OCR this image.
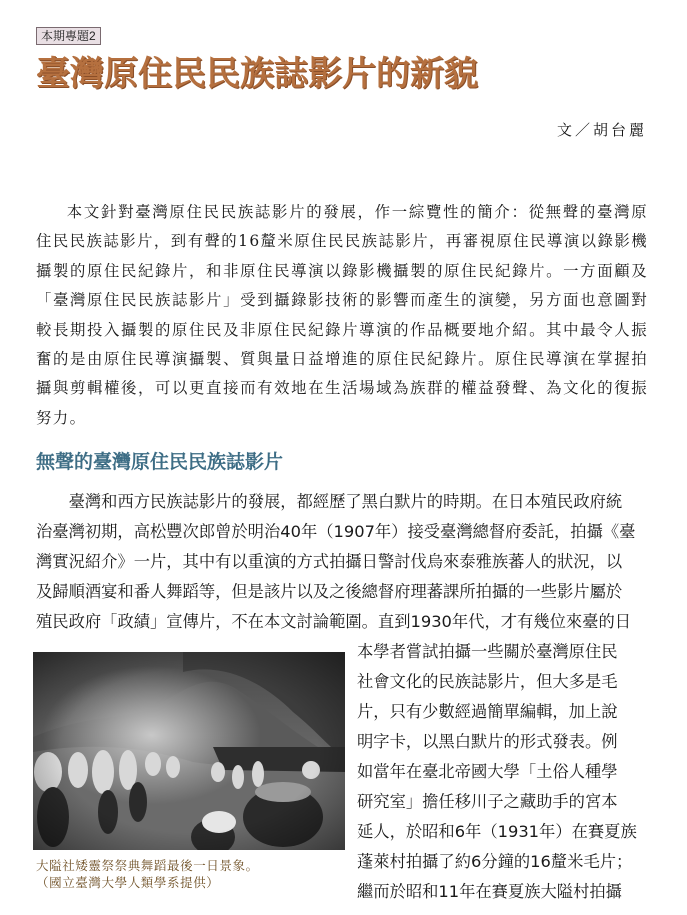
本期專題2
臺灣原住民民族誌影片的新貌
文／胡台麗

本文針對臺灣原住民民族誌影片的發展，作一綜覽性的簡介：從無聲的臺灣原住民民族誌影片，到有聲的16釐米原住民民族誌影片，再審視原住民導演以錄影機攝製的原住民紀錄片，和非原住民導演以錄影機攝製的原住民紀錄片。一方面顧及「臺灣原住民民族誌影片」受到攝錄影技術的影響而產生的演變，另方面也意圖對較長期投入攝製的原住民及非原住民紀錄片導演的作品概要地介紹。其中最令人振奮的是由原住民導演攝製、質與量日益增進的原住民紀錄片。原住民導演在掌握拍攝與剪輯權後，可以更直接而有效地在生活場域為族群的權益發聲、為文化的復振努力。

無聲的臺灣原住民民族誌影片
臺灣和西方民族誌影片的發展，都經歷了黑白默片的時期。在日本殖民政府統
治臺灣初期，高松豐次郎曾於明治40年（1907年）接受臺灣總督府委託，拍攝《臺
灣實況紹介》一片，其中有以重演的方式拍攝日警討伐烏來泰雅族蕃人的狀況，以
及歸順酒宴和番人舞蹈等，但是該片以及之後總督府理蕃課所拍攝的一些影片屬於
殖民政府「政績」宣傳片，不在本文討論範圍。直到1930年代，才有幾位來臺的日
本學者嘗試拍攝一些關於臺灣原住民
社會文化的民族誌影片，但大多是毛
片，只有少數經過簡單編輯，加上說
明字卡，以黑白默片的形式發表。例
如當年在臺北帝國大學「土俗人種學
研究室」擔任移川子之藏助手的宮本
延人，於昭和6年（1931年）在賽夏族
蓬萊村拍攝了約6分鐘的16釐米毛片；
繼而於昭和11年在賽夏族大隘村拍攝
大隘社矮靈祭祭典舞蹈最後一日景象。
（國立臺灣大學人類學系提供）
